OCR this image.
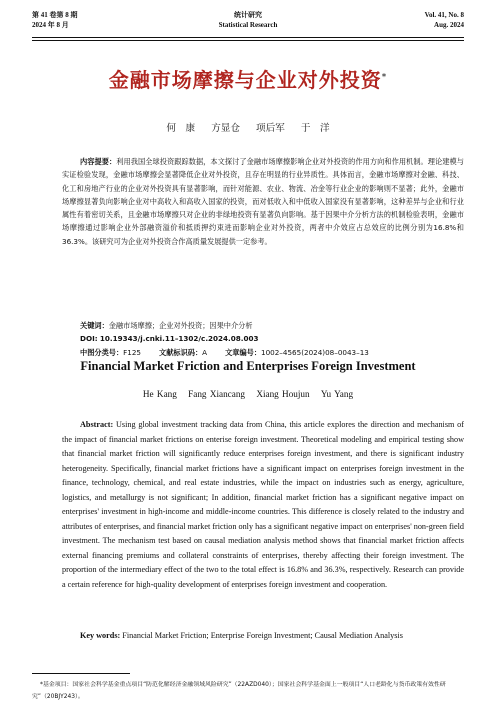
第 41 卷第 8 期
2024 年 8 月
统计研究
Statistical Research
Vol. 41, No. 8
Aug. 2024
金融市场摩擦与企业对外投资*
何　康 方显仓 项后军 于　洋

内容提要：利用我国全球投资跟踪数据，本文探讨了金融市场摩擦影响企业对外投资的作用方向和作用机制。理论建模与实证检验发现，金融市场摩擦会显著降低企业对外投资，且存在明显的行业异质性。具体而言，金融市场摩擦对金融、科技、化工和房地产行业的企业对外投资具有显著影响，而针对能源、农业、物流、冶金等行业企业的影响则不显著；此外，金融市场摩擦显著负向影响企业对中高收入和高收入国家的投资，而对低收入和中低收入国家没有显著影响，这种差异与企业和行业属性有着密切关系，且金融市场摩擦只对企业的非绿地投资有显著负向影响。基于因果中介分析方法的机制检验表明，金融市场摩擦通过影响企业外部融资溢价和抵质押约束进而影响企业对外投资，两者中介效应占总效应的比例分别为16.8%和36.3%。该研究可为企业对外投资合作高质量发展提供一定参考。

关键词：金融市场摩擦；企业对外投资；因果中介分析
DOI: 10.19343/j.cnki.11–1302/c.2024.08.003
中图分类号：F125	文献标识码：A	文章编号：1002–4565(2024)08–0043–13
Financial Market Friction and Enterprises Foreign Investment
He Kang Fang Xiancang Xiang Houjun Yu Yang

Abstract: Using global investment tracking data from China, this article explores the direction and mechanism of the impact of financial market frictions on enterise foreign investment. Theoretical modeling and empirical testing show that financial market friction will significantly reduce enterprises foreign investment, and there is significant industry heterogeneity. Specifically, financial market frictions have a significant impact on enterprises foreign investment in the finance, technology, chemical, and real estate industries, while the impact on industries such as energy, agriculture, logistics, and metallurgy is not significant; In addition, financial market friction has a significant negative impact on enterprises' investment in high-income and middle-income countries. This difference is closely related to the industry and attributes of enterprises, and financial market friction only has a significant negative impact on enterprises' non-green field investment. The mechanism test based on causal mediation analysis method shows that financial market friction affects external financing premiums and collateral constraints of enterprises, thereby affecting their foreign investment. The proportion of the intermediary effect of the two to the total effect is 16.8% and 36.3%, respectively. Research can provide a certain reference for high-quality development of enterprises foreign investment and cooperation.

Key words: Financial Market Friction; Enterprise Foreign Investment; Causal Mediation Analysis

*基金项目：国家社会科学基金重点项目“防范化解经济金融领域风险研究”（22AZD040）；国家社会科学基金面上一般项目“人口老龄化与货币政策有效性研究”（20BJY243）。
